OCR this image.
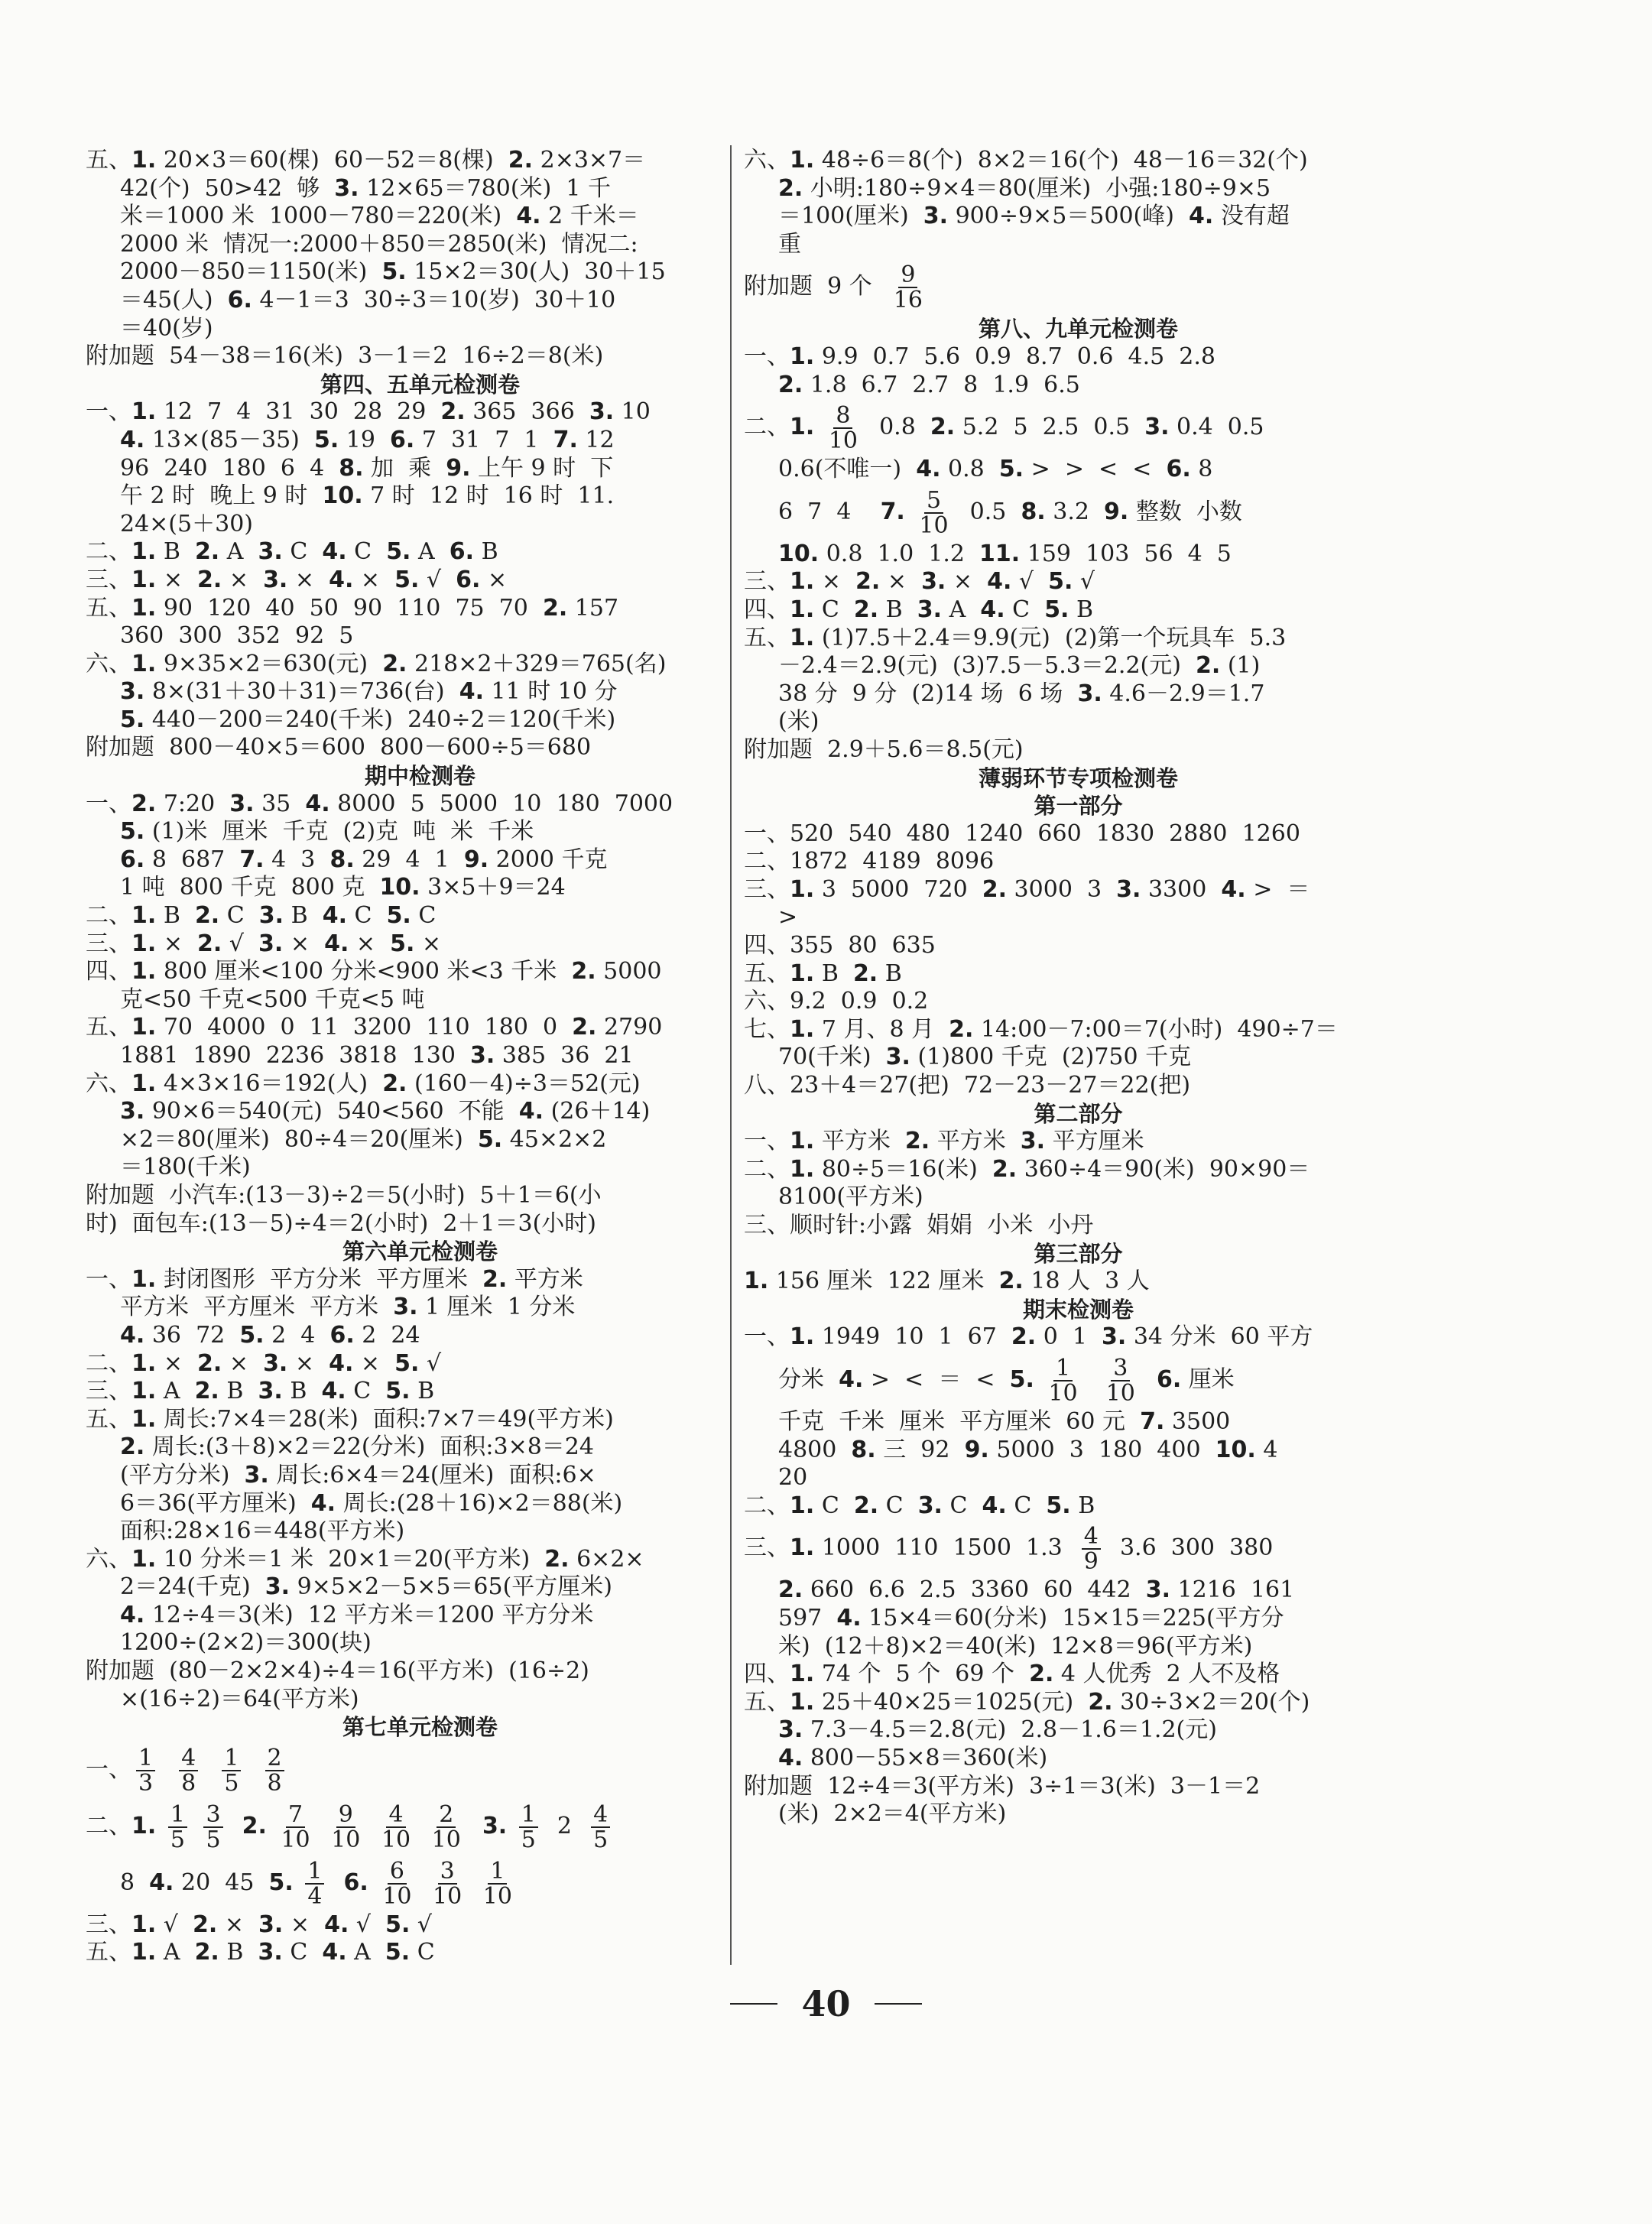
五、1. 20×3＝60(棵)  60－52＝8(棵)  2. 2×3×7＝
42(个)  50>42  够  3. 12×65＝780(米)  1 千
米＝1000 米  1000－780＝220(米)  4. 2 千米＝
2000 米  情况一:2000＋850＝2850(米)  情况二:
2000－850＝1150(米)  5. 15×2＝30(人)  30＋15
＝45(人)  6. 4－1＝3  30÷3＝10(岁)  30＋10
＝40(岁)
附加题  54－38＝16(米)  3－1＝2  16÷2＝8(米)
第四、五单元检测卷
一、1. 12  7  4  31  30  28  29  2. 365  366  3. 10
4. 13×(85－35)  5. 19  6. 7  31  7  1  7. 12
96  240  180  6  4  8. 加  乘  9. 上午 9 时  下
午 2 时  晚上 9 时  10. 7 时  12 时  16 时  11.
24×(5＋30)
二、1. B  2. A  3. C  4. C  5. A  6. B
三、1. ×  2. ×  3. ×  4. ×  5. √  6. ×
五、1. 90  120  40  50  90  110  75  70  2. 157
360  300  352  92  5
六、1. 9×35×2＝630(元)  2. 218×2＋329＝765(名)
3. 8×(31＋30＋31)＝736(台)  4. 11 时 10 分
5. 440－200＝240(千米)  240÷2＝120(千米)
附加题  800－40×5＝600  800－600÷5＝680
期中检测卷
一、2. 7:20  3. 35  4. 8000  5  5000  10  180  7000
5. (1)米  厘米  千克  (2)克  吨  米  千米
6. 8  687  7. 4  3  8. 29  4  1  9. 2000 千克
1 吨  800 千克  800 克  10. 3×5＋9＝24
二、1. B  2. C  3. B  4. C  5. C
三、1. ×  2. √  3. ×  4. ×  5. ×
四、1. 800 厘米<100 分米<900 米<3 千米  2. 5000
克<50 千克<500 千克<5 吨
五、1. 70  4000  0  11  3200  110  180  0  2. 2790
1881  1890  2236  3818  130  3. 385  36  21
六、1. 4×3×16＝192(人)  2. (160－4)÷3＝52(元)
3. 90×6＝540(元)  540<560  不能  4. (26＋14)
×2＝80(厘米)  80÷4＝20(厘米)  5. 45×2×2
＝180(千米)
附加题  小汽车:(13－3)÷2＝5(小时)  5＋1＝6(小
时)  面包车:(13－5)÷4＝2(小时)  2＋1＝3(小时)
第六单元检测卷
一、1. 封闭图形  平方分米  平方厘米  2. 平方米
平方米  平方厘米  平方米  3. 1 厘米  1 分米
4. 36  72  5. 2  4  6. 2  24
二、1. ×  2. ×  3. ×  4. ×  5. √
三、1. A  2. B  3. B  4. C  5. B
五、1. 周长:7×4＝28(米)  面积:7×7＝49(平方米)
2. 周长:(3＋8)×2＝22(分米)  面积:3×8＝24
(平方分米)  3. 周长:6×4＝24(厘米)  面积:6×
6＝36(平方厘米)  4. 周长:(28＋16)×2＝88(米)
面积:28×16＝448(平方米)
六、1. 10 分米＝1 米  20×1＝20(平方米)  2. 6×2×
2＝24(千克)  3. 9×5×2－5×5＝65(平方厘米)
4. 12÷4＝3(米)  12 平方米＝1200 平方分米
1200÷(2×2)＝300(块)
附加题  (80－2×2×4)÷4＝16(平方米)  (16÷2)
×(16÷2)＝64(平方米)
第七单元检测卷
一、 $\frac{1}{3}$
$\frac{4}{8}$
$\frac{1}{5}$
$\frac{2}{8}$
二、1. $\frac{1}{5}$
$\frac{3}{5} 2$. $\frac{7}{10}$
$\frac{9}{10}$
$\frac{4}{10}$
$\frac{2}{10} 3$. $\frac{1}{5} 2 \frac{4}{5}$
8  4. 20  45  5. $\frac{1}{4} 6$. $\frac{6}{10}$
$\frac{3}{10}$
$\frac{1}{10}$
三、1. √  2. ×  3. ×  4. √  5. √
五、1. A  2. B  3. C  4. A  5. C
六、1. 48÷6＝8(个)  8×2＝16(个)  48－16＝32(个)
2. 小明:180÷9×4＝80(厘米)  小强:180÷9×5
＝100(厘米)  3. 900÷9×5＝500(峰)  4. 没有超
重
附加题  9 个 $\frac{9}{16}$
第八、九单元检测卷
一、1. 9.9  0.7  5.6  0.9  8.7  0.6  4.5  2.8
2. 1.8  6.7  2.7  8  1.9  6.5
二、1. $\frac{8}{10} 0.8$  2. 5.2  5  2.5  0.5  3. 0.4  0.5
0.6(不唯一)  4. 0.8  5. >  >  <  <  6. 8
6  7  4    7. $\frac{5}{10} 0.5$  8. 3.2  9. 整数  小数
10. 0.8  1.0  1.2  11. 159  103  56  4  5
三、1. ×  2. ×  3. ×  4. √  5. √
四、1. C  2. B  3. A  4. C  5. B
五、1. (1)7.5＋2.4＝9.9(元)  (2)第一个玩具车  5.3
－2.4＝2.9(元)  (3)7.5－5.3＝2.2(元)  2. (1)
38 分  9 分  (2)14 场  6 场  3. 4.6－2.9＝1.7
(米)
附加题  2.9＋5.6＝8.5(元)
薄弱环节专项检测卷
第一部分
一、520  540  480  1240  660  1830  2880  1260
二、1872  4189  8096
三、1. 3  5000  720  2. 3000  3  3. 3300  4. >  ＝
>
四、355  80  635
五、1. B  2. B
六、9.2  0.9  0.2
七、1. 7 月、8 月  2. 14:00－7:00＝7(小时)  490÷7＝
70(千米)  3. (1)800 千克  (2)750 千克
八、23＋4＝27(把)  72－23－27＝22(把)
第二部分
一、1. 平方米  2. 平方米  3. 平方厘米
二、1. 80÷5＝16(米)  2. 360÷4＝90(米)  90×90＝
8100(平方米)
三、顺时针:小露  娟娟  小米  小丹
第三部分
1. 156 厘米  122 厘米  2. 18 人  3 人
期末检测卷
一、1. 1949  10  1  67  2. 0  1  3. 34 分米  60 平方
分米  4. >  <  ＝  <  5. $\frac{1}{10}$
$\frac{3}{10} 6$. 厘米
千克  千米  厘米  平方厘米  60 元  7. 3500
4800  8. 三  92  9. 5000  3  180  400  10. 4
20
二、1. C  2. C  3. C  4. C  5. B
三、1. 1000  110  1500  $1.3 \frac{4}{9} 3.6$  300  380
2. 660  6.6  2.5  3360  60  442  3. 1216  161
597  4. 15×4＝60(分米)  15×15＝225(平方分
米)  (12＋8)×2＝40(米)  12×8＝96(平方米)
四、1. 74 个  5 个  69 个  2. 4 人优秀  2 人不及格
五、1. 25＋40×25＝1025(元)  2. 30÷3×2＝20(个)
3. 7.3－4.5＝2.8(元)  2.8－1.6＝1.2(元)
4. 800－55×8＝360(米)
附加题  12÷4＝3(平方米)  3÷1＝3(米)  3－1＝2
(米)  2×2＝4(平方米)
40
